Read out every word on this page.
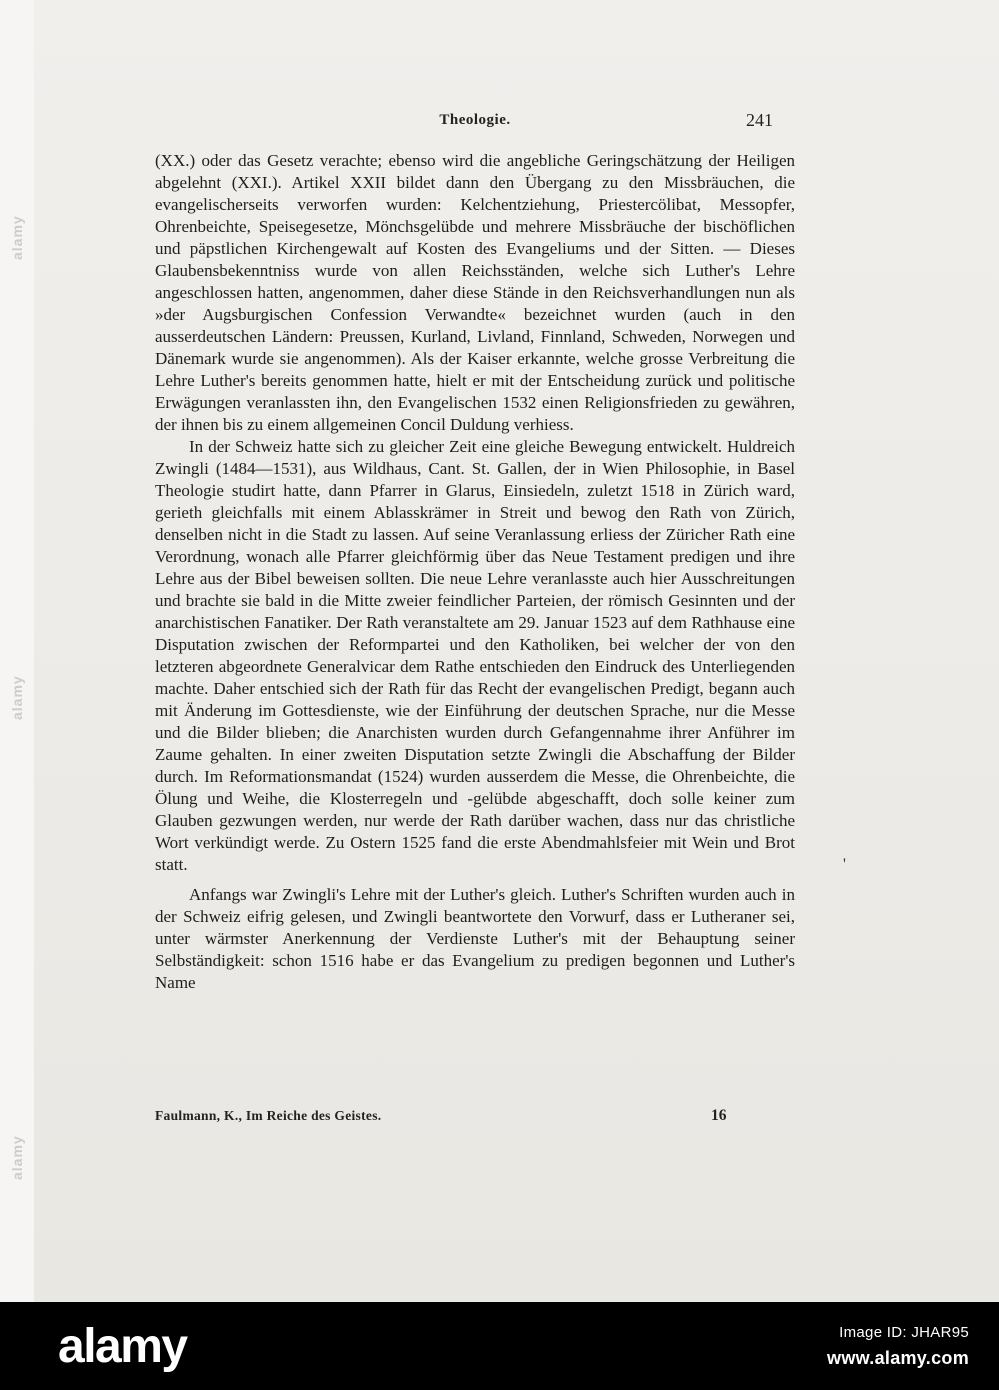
alamy
alamy
alamy
Theologie.	241

(XX.) oder das Gesetz verachte; ebenso wird die angebliche Geringschätzung der Heiligen abgelehnt (XXI.). Artikel XXII bildet dann den Übergang zu den Missbräuchen, die evangelischerseits verworfen wurden: Kelchentziehung, Priestercölibat, Messopfer, Ohrenbeichte, Speisegesetze, Mönchsgelübde und mehrere Missbräuche der bischöflichen und päpstlichen Kirchengewalt auf Kosten des Evangeliums und der Sitten. — Dieses Glaubensbekenntniss wurde von allen Reichsständen, welche sich Luther's Lehre angeschlossen hatten, angenommen, daher diese Stände in den Reichsverhandlungen nun als »der Augsburgischen Confession Verwandte« bezeichnet wurden (auch in den ausserdeutschen Ländern: Preussen, Kurland, Livland, Finnland, Schweden, Norwegen und Dänemark wurde sie angenommen). Als der Kaiser erkannte, welche grosse Verbreitung die Lehre Luther's bereits genommen hatte, hielt er mit der Entscheidung zurück und politische Erwägungen veranlassten ihn, den Evangelischen 1532 einen Religionsfrieden zu gewähren, der ihnen bis zu einem allgemeinen Concil Duldung verhiess.

In der Schweiz hatte sich zu gleicher Zeit eine gleiche Bewegung entwickelt. Huldreich Zwingli (1484—1531), aus Wildhaus, Cant. St. Gallen, der in Wien Philosophie, in Basel Theologie studirt hatte, dann Pfarrer in Glarus, Einsiedeln, zuletzt 1518 in Zürich ward, gerieth gleichfalls mit einem Ablasskrämer in Streit und bewog den Rath von Zürich, denselben nicht in die Stadt zu lassen. Auf seine Veranlassung erliess der Züricher Rath eine Verordnung, wonach alle Pfarrer gleichförmig über das Neue Testament predigen und ihre Lehre aus der Bibel beweisen sollten. Die neue Lehre veranlasste auch hier Ausschreitungen und brachte sie bald in die Mitte zweier feindlicher Parteien, der römisch Gesinnten und der anarchistischen Fanatiker. Der Rath veranstaltete am 29. Januar 1523 auf dem Rathhause eine Disputation zwischen der Reformpartei und den Katholiken, bei welcher der von den letzteren abgeordnete Generalvicar dem Rathe entschieden den Eindruck des Unterliegenden machte. Daher entschied sich der Rath für das Recht der evangelischen Predigt, begann auch mit Änderung im Gottesdienste, wie der Einführung der deutschen Sprache, nur die Messe und die Bilder blieben; die Anarchisten wurden durch Gefangennahme ihrer Anführer im Zaume gehalten. In einer zweiten Disputation setzte Zwingli die Abschaffung der Bilder durch. Im Reformationsmandat (1524) wurden ausserdem die Messe, die Ohrenbeichte, die Ölung und Weihe, die Klosterregeln und -gelübde abgeschafft, doch solle keiner zum Glauben gezwungen werden, nur werde der Rath darüber wachen, dass nur das christliche Wort verkündigt werde. Zu Ostern 1525 fand die erste Abendmahlsfeier mit Wein und Brot statt.

Anfangs war Zwingli's Lehre mit der Luther's gleich. Luther's Schriften wurden auch in der Schweiz eifrig gelesen, und Zwingli beantwortete den Vorwurf, dass er Lutheraner sei, unter wärmster Anerkennung der Verdienste Luther's mit der Behauptung seiner Selbständigkeit: schon 1516 habe er das Evangelium zu predigen begonnen und Luther's Name

'
Faulmann, K., Im Reiche des Geistes.	16
alamy	Image ID: JHAR95
www.alamy.com
